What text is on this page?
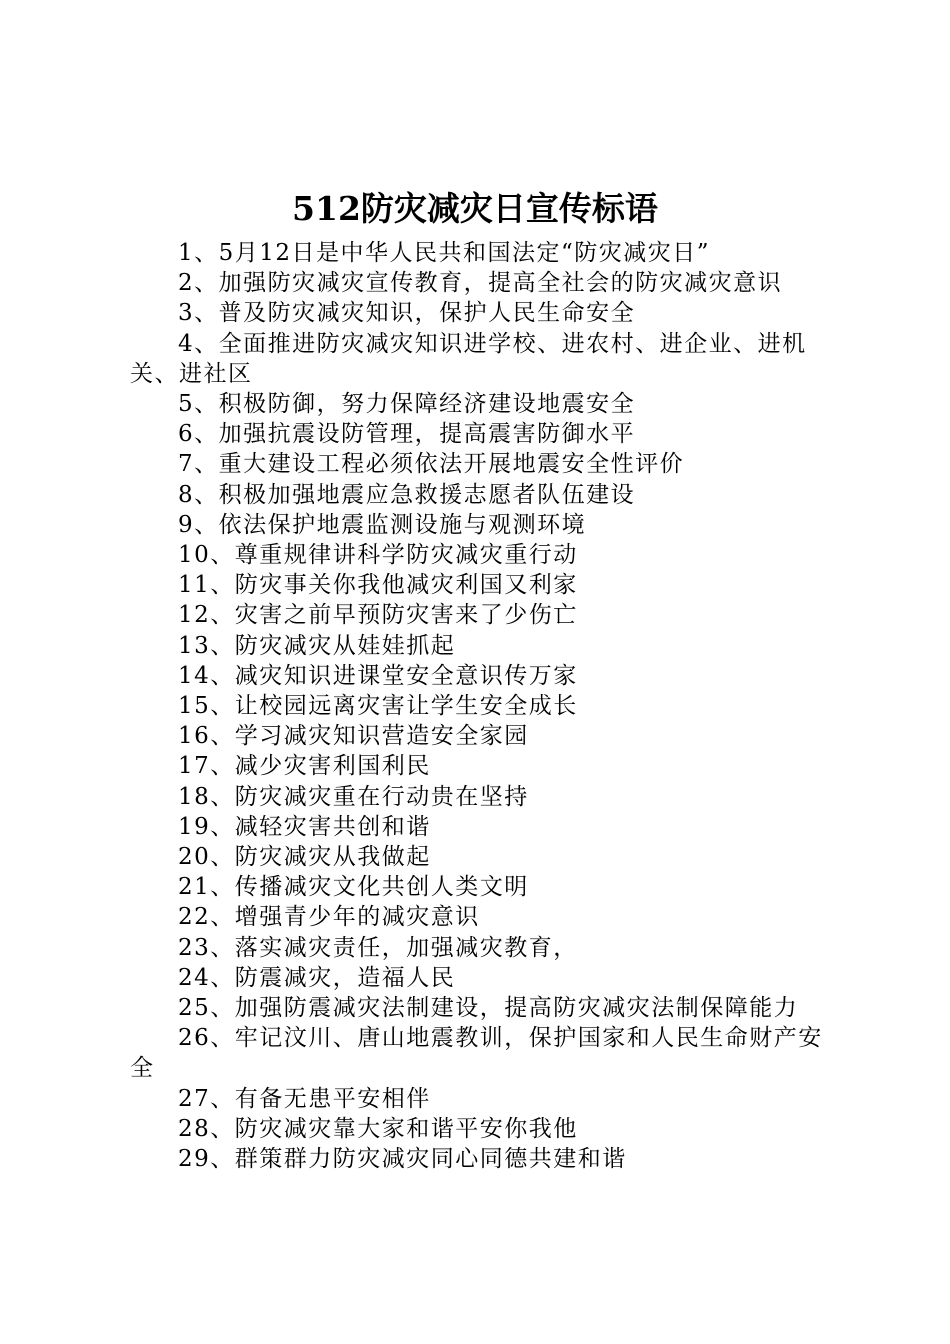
512防灾减灾日宣传标语
1、5月12日是中华人民共和国法定“防灾减灾日”
2、加强防灾减灾宣传教育，提高全社会的防灾减灾意识
3、普及防灾减灾知识，保护人民生命安全
4、全面推进防灾减灾知识进学校、进农村、进企业、进机关、进社区
5、积极防御，努力保障经济建设地震安全
6、加强抗震设防管理，提高震害防御水平
7、重大建设工程必须依法开展地震安全性评价
8、积极加强地震应急救援志愿者队伍建设
9、依法保护地震监测设施与观测环境
10、尊重规律讲科学防灾减灾重行动
11、防灾事关你我他减灾利国又利家
12、灾害之前早预防灾害来了少伤亡
13、防灾减灾从娃娃抓起
14、减灾知识进课堂安全意识传万家
15、让校园远离灾害让学生安全成长
16、学习减灾知识营造安全家园
17、减少灾害利国利民
18、防灾减灾重在行动贵在坚持
19、减轻灾害共创和谐
20、防灾减灾从我做起
21、传播减灾文化共创人类文明
22、增强青少年的减灾意识
23、落实减灾责任，加强减灾教育，
24、防震减灾，造福人民
25、加强防震减灾法制建设，提高防灾减灾法制保障能力
26、牢记汶川、唐山地震教训，保护国家和人民生命财产安全
27、有备无患平安相伴
28、防灾减灾靠大家和谐平安你我他
29、群策群力防灾减灾同心同德共建和谐
